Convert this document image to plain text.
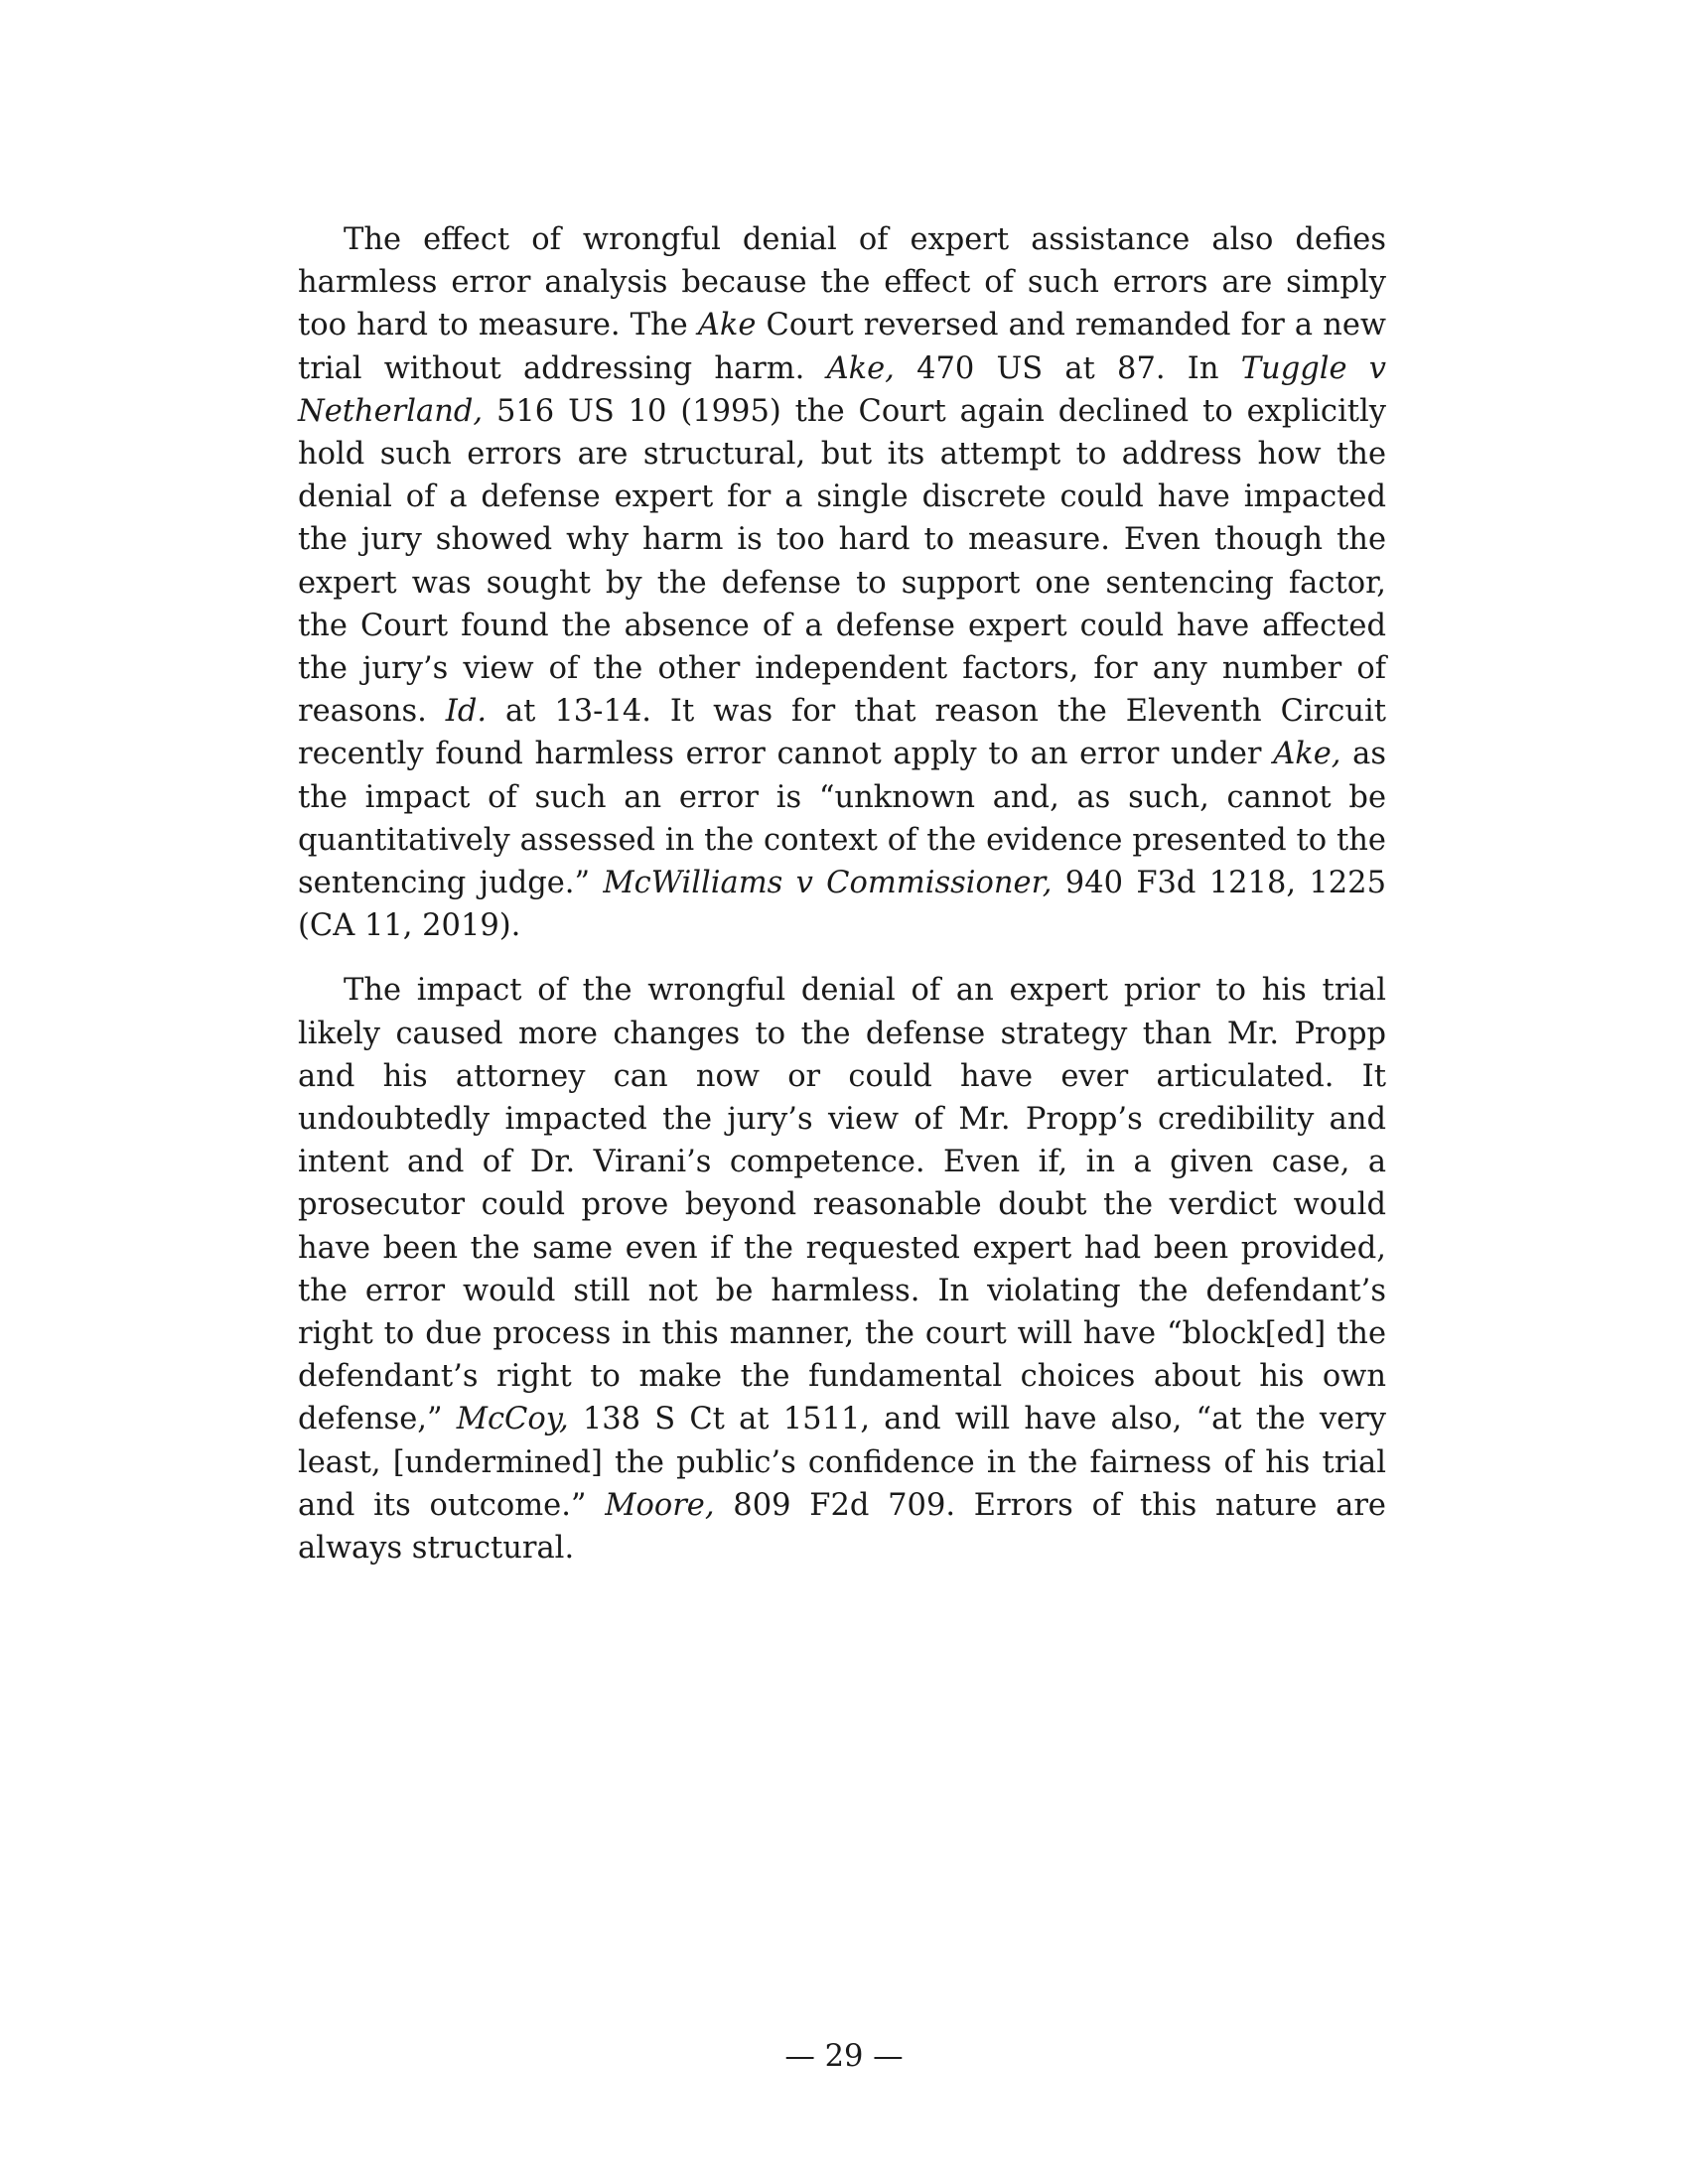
The effect of wrongful denial of expert assistance also defies harmless error analysis because the effect of such errors are simply too hard to measure. The Ake Court reversed and remanded for a new trial without addressing harm. Ake, 470 US at 87. In Tuggle v Netherland, 516 US 10 (1995) the Court again declined to explicitly hold such errors are structural, but its attempt to address how the denial of a defense expert for a single discrete could have impacted the jury showed why harm is too hard to measure. Even though the expert was sought by the defense to support one sentencing factor, the Court found the absence of a defense expert could have affected the jury’s view of the other independent factors, for any number of reasons. Id. at 13-14. It was for that reason the Eleventh Circuit recently found harmless error cannot apply to an error under Ake, as the impact of such an error is “unknown and, as such, cannot be quantitatively assessed in the context of the evidence presented to the sentencing judge.” McWilliams v Commissioner, 940 F3d 1218, 1225 (CA 11, 2019).

The impact of the wrongful denial of an expert prior to his trial likely caused more changes to the defense strategy than Mr. Propp and his attorney can now or could have ever articulated. It undoubtedly impacted the jury’s view of Mr. Propp’s credibility and intent and of Dr. Virani’s competence. Even if, in a given case, a prosecutor could prove beyond reasonable doubt the verdict would have been the same even if the requested expert had been provided, the error would still not be harmless. In violating the defendant’s right to due process in this manner, the court will have “block[ed] the defendant’s right to make the fundamental choices about his own defense,” McCoy, 138 S Ct at 1511, and will have also, “at the very least, [undermined] the public’s confidence in the fairness of his trial and its outcome.” Moore, 809 F2d 709. Errors of this nature are always structural.

— 29 —
